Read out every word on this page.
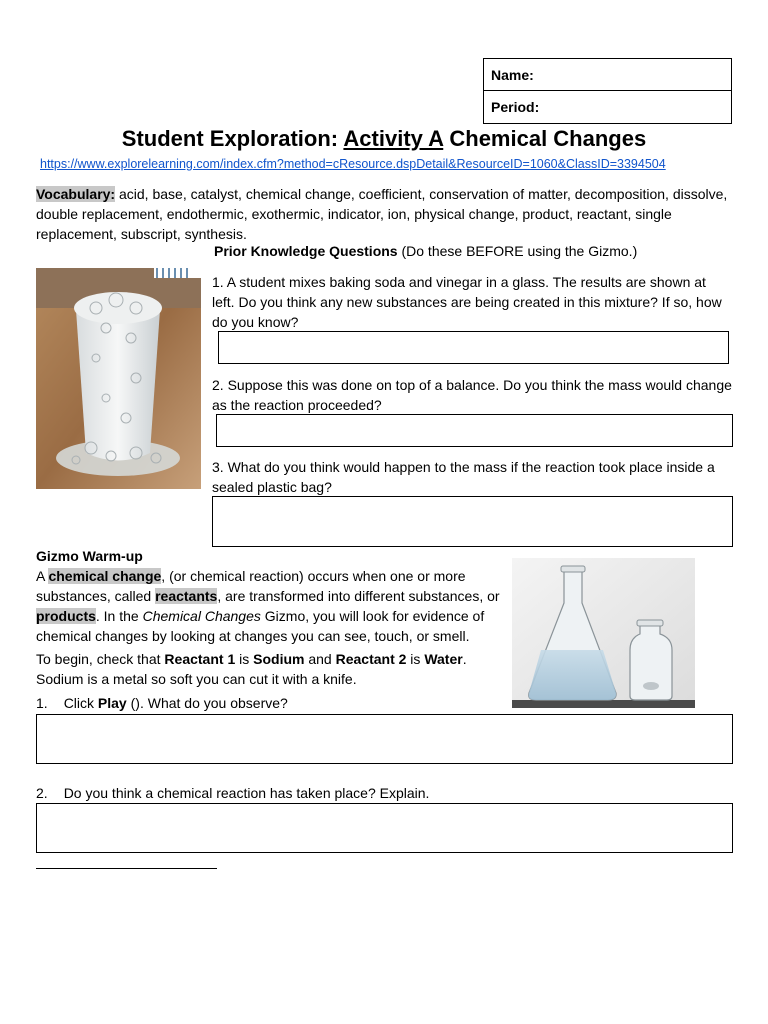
Name:
Period:
Student Exploration: Activity A Chemical Changes
https://www.explorelearning.com/index.cfm?method=cResource.dspDetail&ResourceID=1060&ClassID=3394504
Vocabulary: acid, base, catalyst, chemical change, coefficient, conservation of matter, decomposition, dissolve, double replacement, endothermic, exothermic, indicator, ion, physical change, product, reactant, single replacement, subscript, synthesis.
Prior Knowledge Questions (Do these BEFORE using the Gizmo.)
1. A student mixes baking soda and vinegar in a glass. The results are shown at left. Do you think any new substances are being created in this mixture? If so, how do you know?
2. Suppose this was done on top of a balance. Do you think the mass would change as the reaction proceeded?
3. What do you think would happen to the mass if the reaction took place inside a sealed plastic bag?
Gizmo Warm-up
A chemical change, (or chemical reaction) occurs when one or more substances, called reactants, are transformed into different substances, or products. In the Chemical Changes Gizmo, you will look for evidence of chemical changes by looking at changes you can see, touch, or smell.
To begin, check that Reactant 1 is Sodium and Reactant 2 is Water.
Sodium is a metal so soft you can cut it with a knife.
1. Click Play (). What do you observe?
2. Do you think a chemical reaction has taken place? Explain.
